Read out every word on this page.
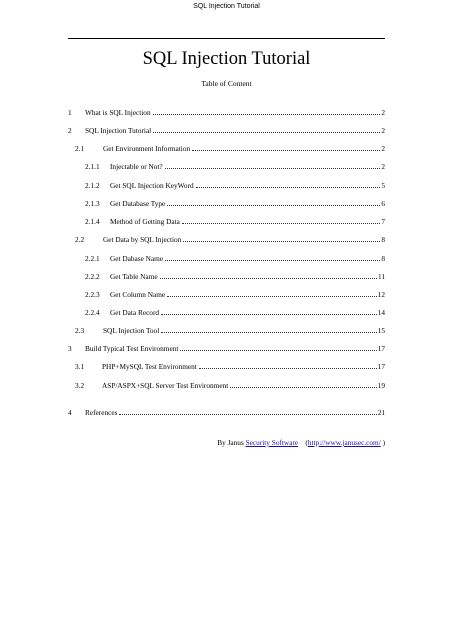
SQL Injection Tutorial
SQL Injection Tutorial
Table of Content
1 What is SQL Injection	2
2 SQL Injection Tutorial	2
2.1	Get Environment Information	2
2.1.1 Injectable or Not?	2
2.1.2 Get SQL Injection KeyWord	5
2.1.3 Get Database Type	6
2.1.4 Method of Getting Data	7
2.2	Get Data by SQL Injection	8
2.2.1 Get Dabase Name	8
2.2.2 Get Table Name	11
2.2.3 Get Column Name	12
2.2.4 Get Data Record	14
2.3	SQL Injection Tool	15
3 Build Typical Test Environment	17
3.1 PHP+MySQL Test Environment	17
3.2 ASP/ASPX+SQL Server Test Environment	19
4 References	21
By Janus Security Software (http://www.janusec.com/ )
